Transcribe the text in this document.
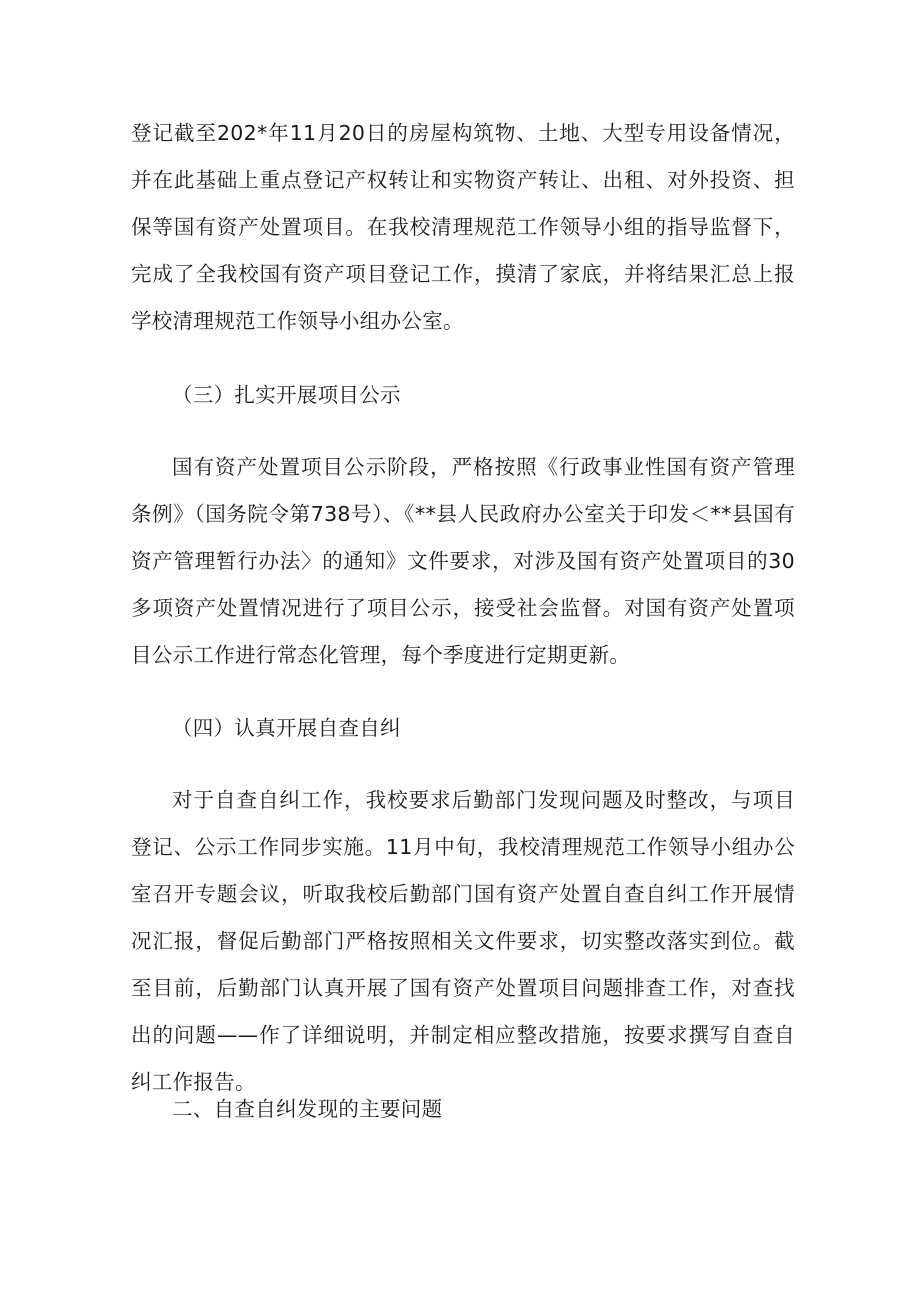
登记截至202*年11月20日的房屋构筑物、土地、大型专用设备情况，并在此基础上重点登记产权转让和实物资产转让、出租、对外投资、担保等国有资产处置项目。在我校清理规范工作领导小组的指导监督下，完成了全我校国有资产项目登记工作，摸清了家底，并将结果汇总上报学校清理规范工作领导小组办公室。

（三）扎实开展项目公示

国有资产处置项目公示阶段，严格按照《行政事业性国有资产管理条例》（国务院令第738号）、《**县人民政府办公室关于印发＜**县国有资产管理暂行办法〉的通知》文件要求，对涉及国有资产处置项目的30多项资产处置情况进行了项目公示，接受社会监督。对国有资产处置项目公示工作进行常态化管理，每个季度进行定期更新。

（四）认真开展自查自纠

对于自查自纠工作，我校要求后勤部门发现问题及时整改，与项目登记、公示工作同步实施。11月中旬，我校清理规范工作领导小组办公室召开专题会议，听取我校后勤部门国有资产处置自查自纠工作开展情况汇报，督促后勤部门严格按照相关文件要求，切实整改落实到位。截至目前，后勤部门认真开展了国有资产处置项目问题排查工作，对查找出的问题——作了详细说明，并制定相应整改措施，按要求撰写自查自纠工作报告。

二、自查自纠发现的主要问题
